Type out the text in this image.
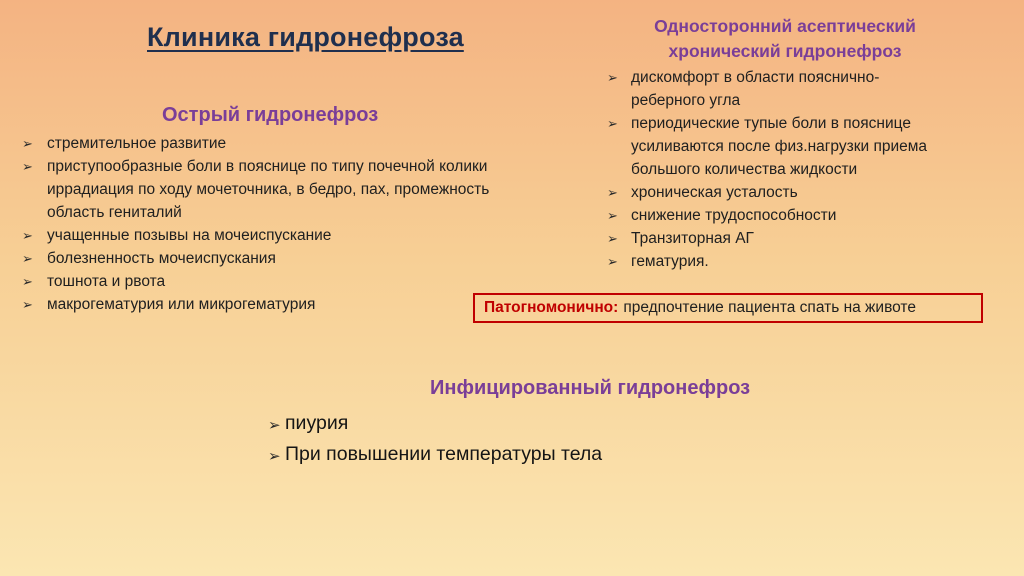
Клиника гидронефроза
Острый гидронефроз
➢ стремительное развитие
➢ приступообразные боли в пояснице по типу почечной колики иррадиация по ходу мочеточника, в бедро, пах, промежность область гениталий
➢ учащенные позывы на мочеиспускание
➢ болезненность мочеиспускания
➢ тошнота и рвота
➢ макрогематурия или микрогематурия
Односторонний асептический хронический гидронефроз
➢ дискомфорт в области пояснично-реберного угла
➢ периодические тупые боли в пояснице усиливаются после физ.нагрузки приема большого количества жидкости
➢ хроническая усталость
➢ снижение трудоспособности
➢ Транзиторная АГ
➢ гематурия.
Патогномонично: предпочтение пациента спать на животе
Инфицированный гидронефроз
➢ пиурия
➢ При повышении температуры тела
